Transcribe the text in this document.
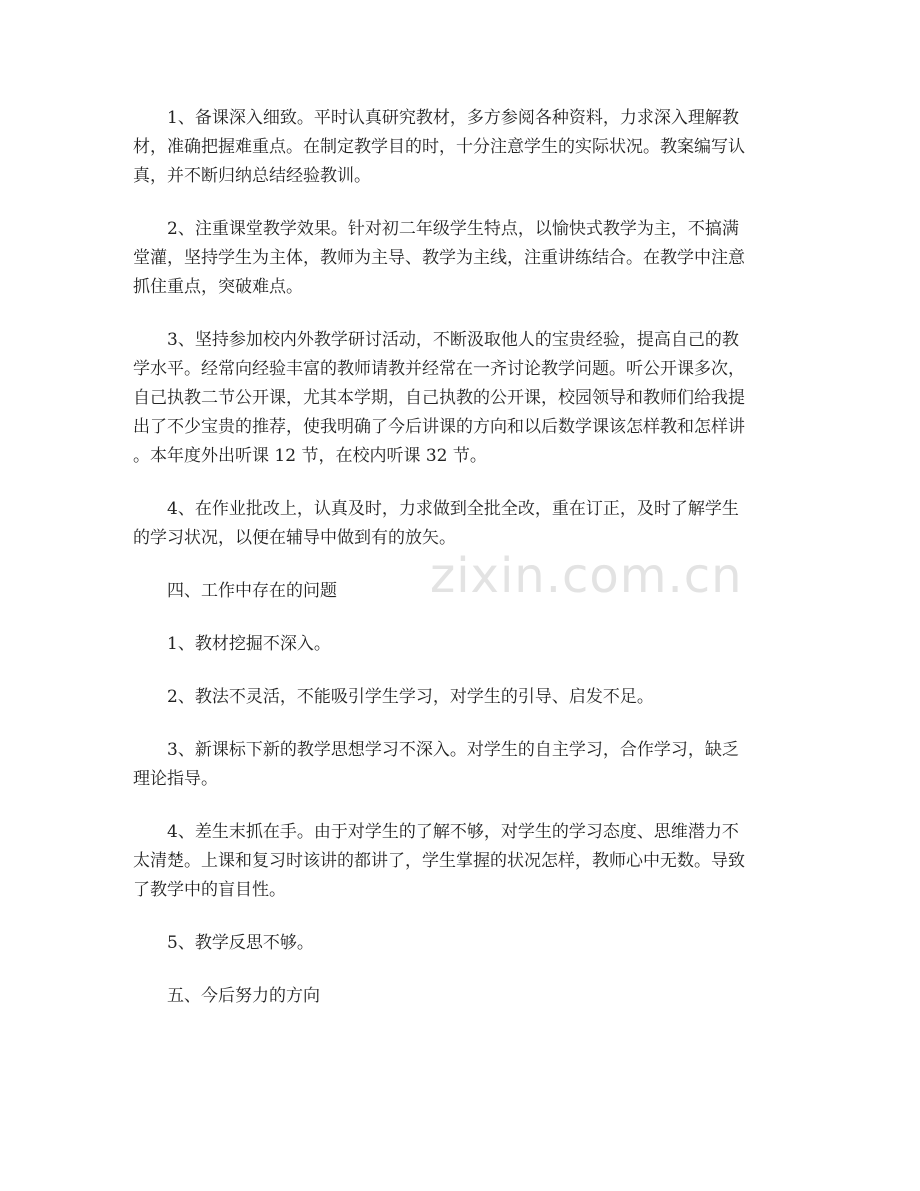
zixin.com.cn
1、备课深入细致。平时认真研究教材，多方参阅各种资料，力求深入理解教
材，准确把握难重点。在制定教学目的时，十分注意学生的实际状况。教案编写认
真，并不断归纳总结经验教训。
2、注重课堂教学效果。针对初二年级学生特点，以愉快式教学为主，不搞满
堂灌，坚持学生为主体，教师为主导、教学为主线，注重讲练结合。在教学中注意
抓住重点，突破难点。
3、坚持参加校内外教学研讨活动，不断汲取他人的宝贵经验，提高自己的教
学水平。经常向经验丰富的教师请教并经常在一齐讨论教学问题。听公开课多次，
自己执教二节公开课，尤其本学期，自己执教的公开课，校园领导和教师们给我提
出了不少宝贵的推荐，使我明确了今后讲课的方向和以后数学课该怎样教和怎样讲
。本年度外出听课 12 节，在校内听课 32 节。
4、在作业批改上，认真及时，力求做到全批全改，重在订正，及时了解学生
的学习状况，以便在辅导中做到有的放矢。
四、工作中存在的问题
1、教材挖掘不深入。
2、教法不灵活，不能吸引学生学习，对学生的引导、启发不足。
3、新课标下新的教学思想学习不深入。对学生的自主学习，合作学习，缺乏
理论指导。
4、差生末抓在手。由于对学生的了解不够，对学生的学习态度、思维潜力不
太清楚。上课和复习时该讲的都讲了，学生掌握的状况怎样，教师心中无数。导致
了教学中的盲目性。
5、教学反思不够。
五、今后努力的方向
